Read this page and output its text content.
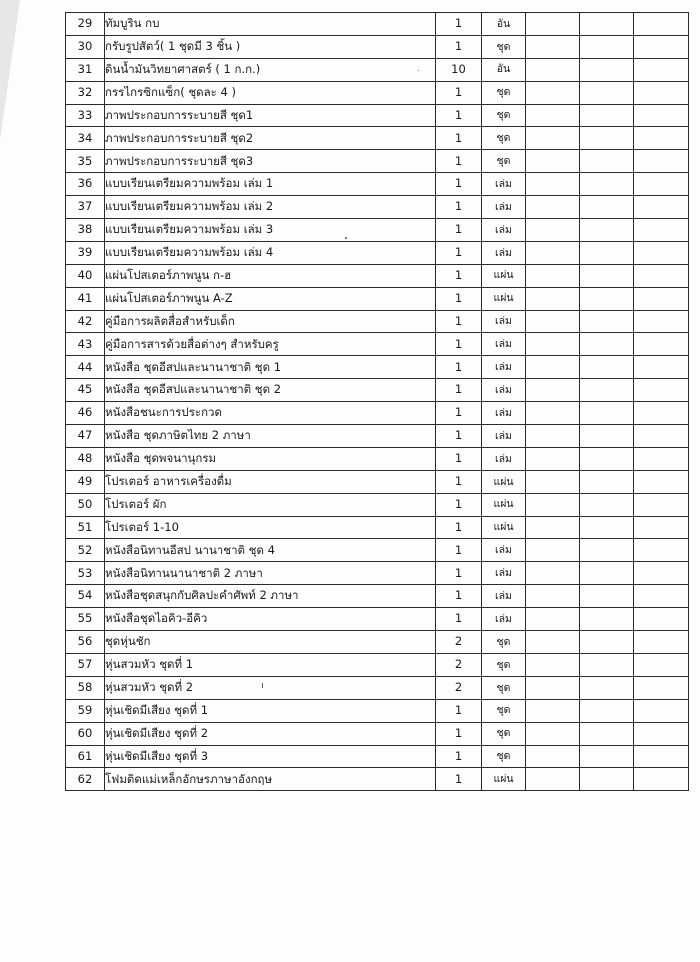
29	ทัมบูริน กบ	1	อัน			
30	กรับรูปสัตว์( 1 ชุดมี 3 ชิ้น )	1	ชุด			
31	ดินน้ำมันวิทยาศาสตร์ ( 1 ก.ก.)	10	อัน			
32	กรรไกรซิกแซ็ก( ชุดละ 4 )	1	ชุด			
33	ภาพประกอบการระบายสี ชุด1	1	ชุด			
34	ภาพประกอบการระบายสี ชุด2	1	ชุด			
35	ภาพประกอบการระบายสี ชุด3	1	ชุด			
36	แบบเรียนเตรียมความพร้อม เล่ม 1	1	เล่ม			
37	แบบเรียนเตรียมความพร้อม เล่ม 2	1	เล่ม			
38	แบบเรียนเตรียมความพร้อม เล่ม 3	1	เล่ม			
39	แบบเรียนเตรียมความพร้อม เล่ม 4	1	เล่ม			
40	แผ่นโปสเตอร์ภาพนูน ก-ฮ	1	แผ่น			
41	แผ่นโปสเตอร์ภาพนูน A-Z	1	แผ่น			
42	คู่มือการผลิตสื่อสำหรับเด็ก	1	เล่ม			
43	คู่มือการสารด้วยสื่อต่างๆ สำหรับครู	1	เล่ม			
44	หนังสือ ชุดอีสปและนานาชาติ ชุด 1	1	เล่ม			
45	หนังสือ ชุดอีสปและนานาชาติ ชุด 2	1	เล่ม			
46	หนังสือชนะการประกวด	1	เล่ม			
47	หนังสือ ชุดภาษิตไทย 2 ภาษา	1	เล่ม			
48	หนังสือ ชุดพจนานุกรม	1	เล่ม			
49	โปรเตอร์ อาหารเครื่องดื่ม	1	แผ่น			
50	โปรเตอร์ ผัก	1	แผ่น			
51	โปรเตอร์ 1-10	1	แผ่น			
52	หนังสือนิทานอีสป นานาชาติ ชุด 4	1	เล่ม			
53	หนังสือนิทานนานาชาติ 2 ภาษา	1	เล่ม			
54	หนังสือชุดสนุกกับศิลปะคำศัพท์ 2 ภาษา	1	เล่ม			
55	หนังสือชุดไอคิว-อีคิว	1	เล่ม			
56	ชุดหุ่นชัก	2	ชุด			
57	หุ่นสวมหัว ชุดที่ 1	2	ชุด			
58	หุ่นสวมหัว ชุดที่ 2	2	ชุด			
59	หุ่นเชิดมีเสียง ชุดที่ 1	1	ชุด			
60	หุ่นเชิดมีเสียง ชุดที่ 2	1	ชุด			
61	หุ่นเชิดมีเสียง ชุดที่ 3	1	ชุด			
62	โฟมติดแม่เหล็กอักษรภาษาอังกฤษ	1	แผ่น			
